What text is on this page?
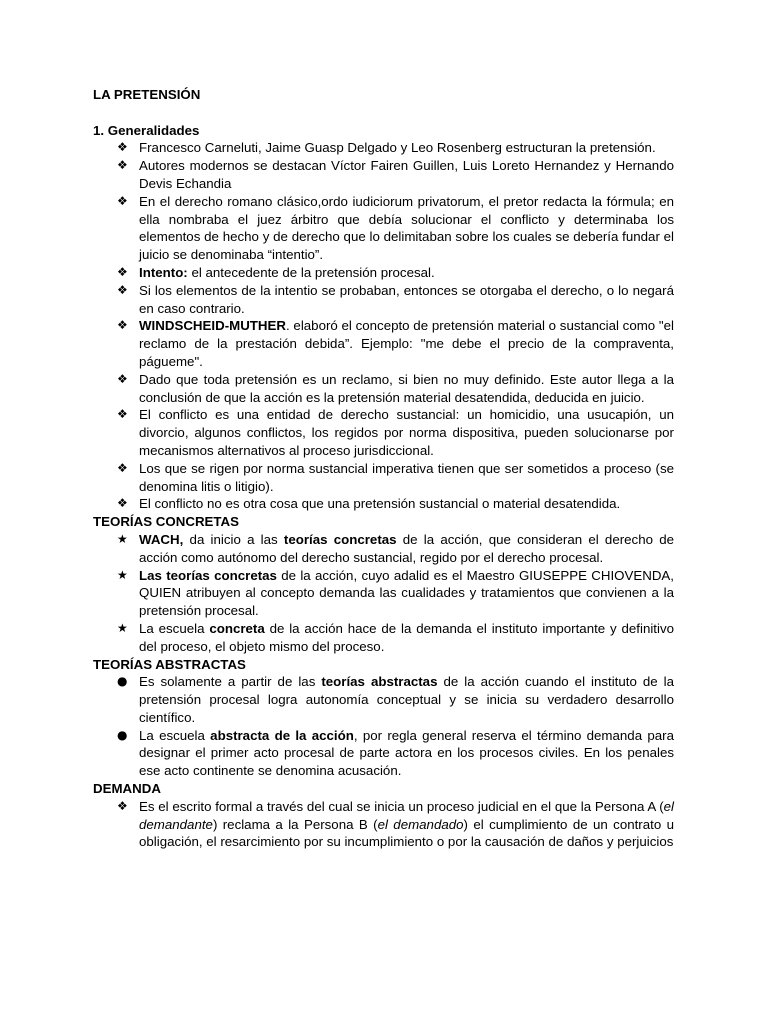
LA PRETENSIÓN

1. Generalidades

❖ Francesco Carneluti, Jaime Guasp Delgado y Leo Rosenberg estructuran la pretensión.
❖ Autores modernos se destacan Víctor Fairen Guillen, Luis Loreto Hernandez y Hernando Devis Echandia
❖ En el derecho romano clásico,ordo iudiciorum privatorum, el pretor redacta la fórmula; en ella nombraba el juez árbitro que debía solucionar el conflicto y determinaba los elementos de hecho y de derecho que lo delimitaban sobre los cuales se debería fundar el juicio se denominaba “intentio”.
❖ Intento: el antecedente de la pretensión procesal.
❖ Si los elementos de la intentio se probaban, entonces se otorgaba el derecho, o lo negará en caso contrario.
❖ WINDSCHEID-MUTHER. elaboró el concepto de pretensión material o sustancial como "el reclamo de la prestación debida”. Ejemplo: "me debe el precio de la compraventa, págueme".
❖ Dado que toda pretensión es un reclamo, si bien no muy definido. Este autor llega a la conclusión de que la acción es la pretensión material desatendida, deducida en juicio.
❖ El conflicto es una entidad de derecho sustancial: un homicidio, una usucapión, un divorcio, algunos conflictos, los regidos por norma dispositiva, pueden solucionarse por mecanismos alternativos al proceso jurisdiccional.
❖ Los que se rigen por norma sustancial imperativa tienen que ser sometidos a proceso (se denomina litis o litigio).
❖ El conflicto no es otra cosa que una pretensión sustancial o material desatendida.

TEORÍAS CONCRETAS

★ WACH, da inicio a las teorías concretas de la acción, que consideran el derecho de acción como autónomo del derecho sustancial, regido por el derecho procesal.
★ Las teorías concretas de la acción, cuyo adalid es el Maestro GIUSEPPE CHIOVENDA, QUIEN atribuyen al concepto demanda las cualidades y tratamientos que convienen a la pretensión procesal.
★ La escuela concreta de la acción hace de la demanda el instituto importante y definitivo del proceso, el objeto mismo del proceso.

TEORÍAS ABSTRACTAS

● Es solamente a partir de las teorías abstractas de la acción cuando el instituto de la pretensión procesal logra autonomía conceptual y se inicia su verdadero desarrollo científico.
● La escuela abstracta de la acción, por regla general reserva el término demanda para designar el primer acto procesal de parte actora en los procesos civiles. En los penales ese acto continente se denomina acusación.

DEMANDA

❖ Es el escrito formal a través del cual se inicia un proceso judicial en el que la Persona A (el demandante) reclama a la Persona B (el demandado) el cumplimiento de un contrato u obligación, el resarcimiento por su incumplimiento o por la causación de daños y perjuicios
